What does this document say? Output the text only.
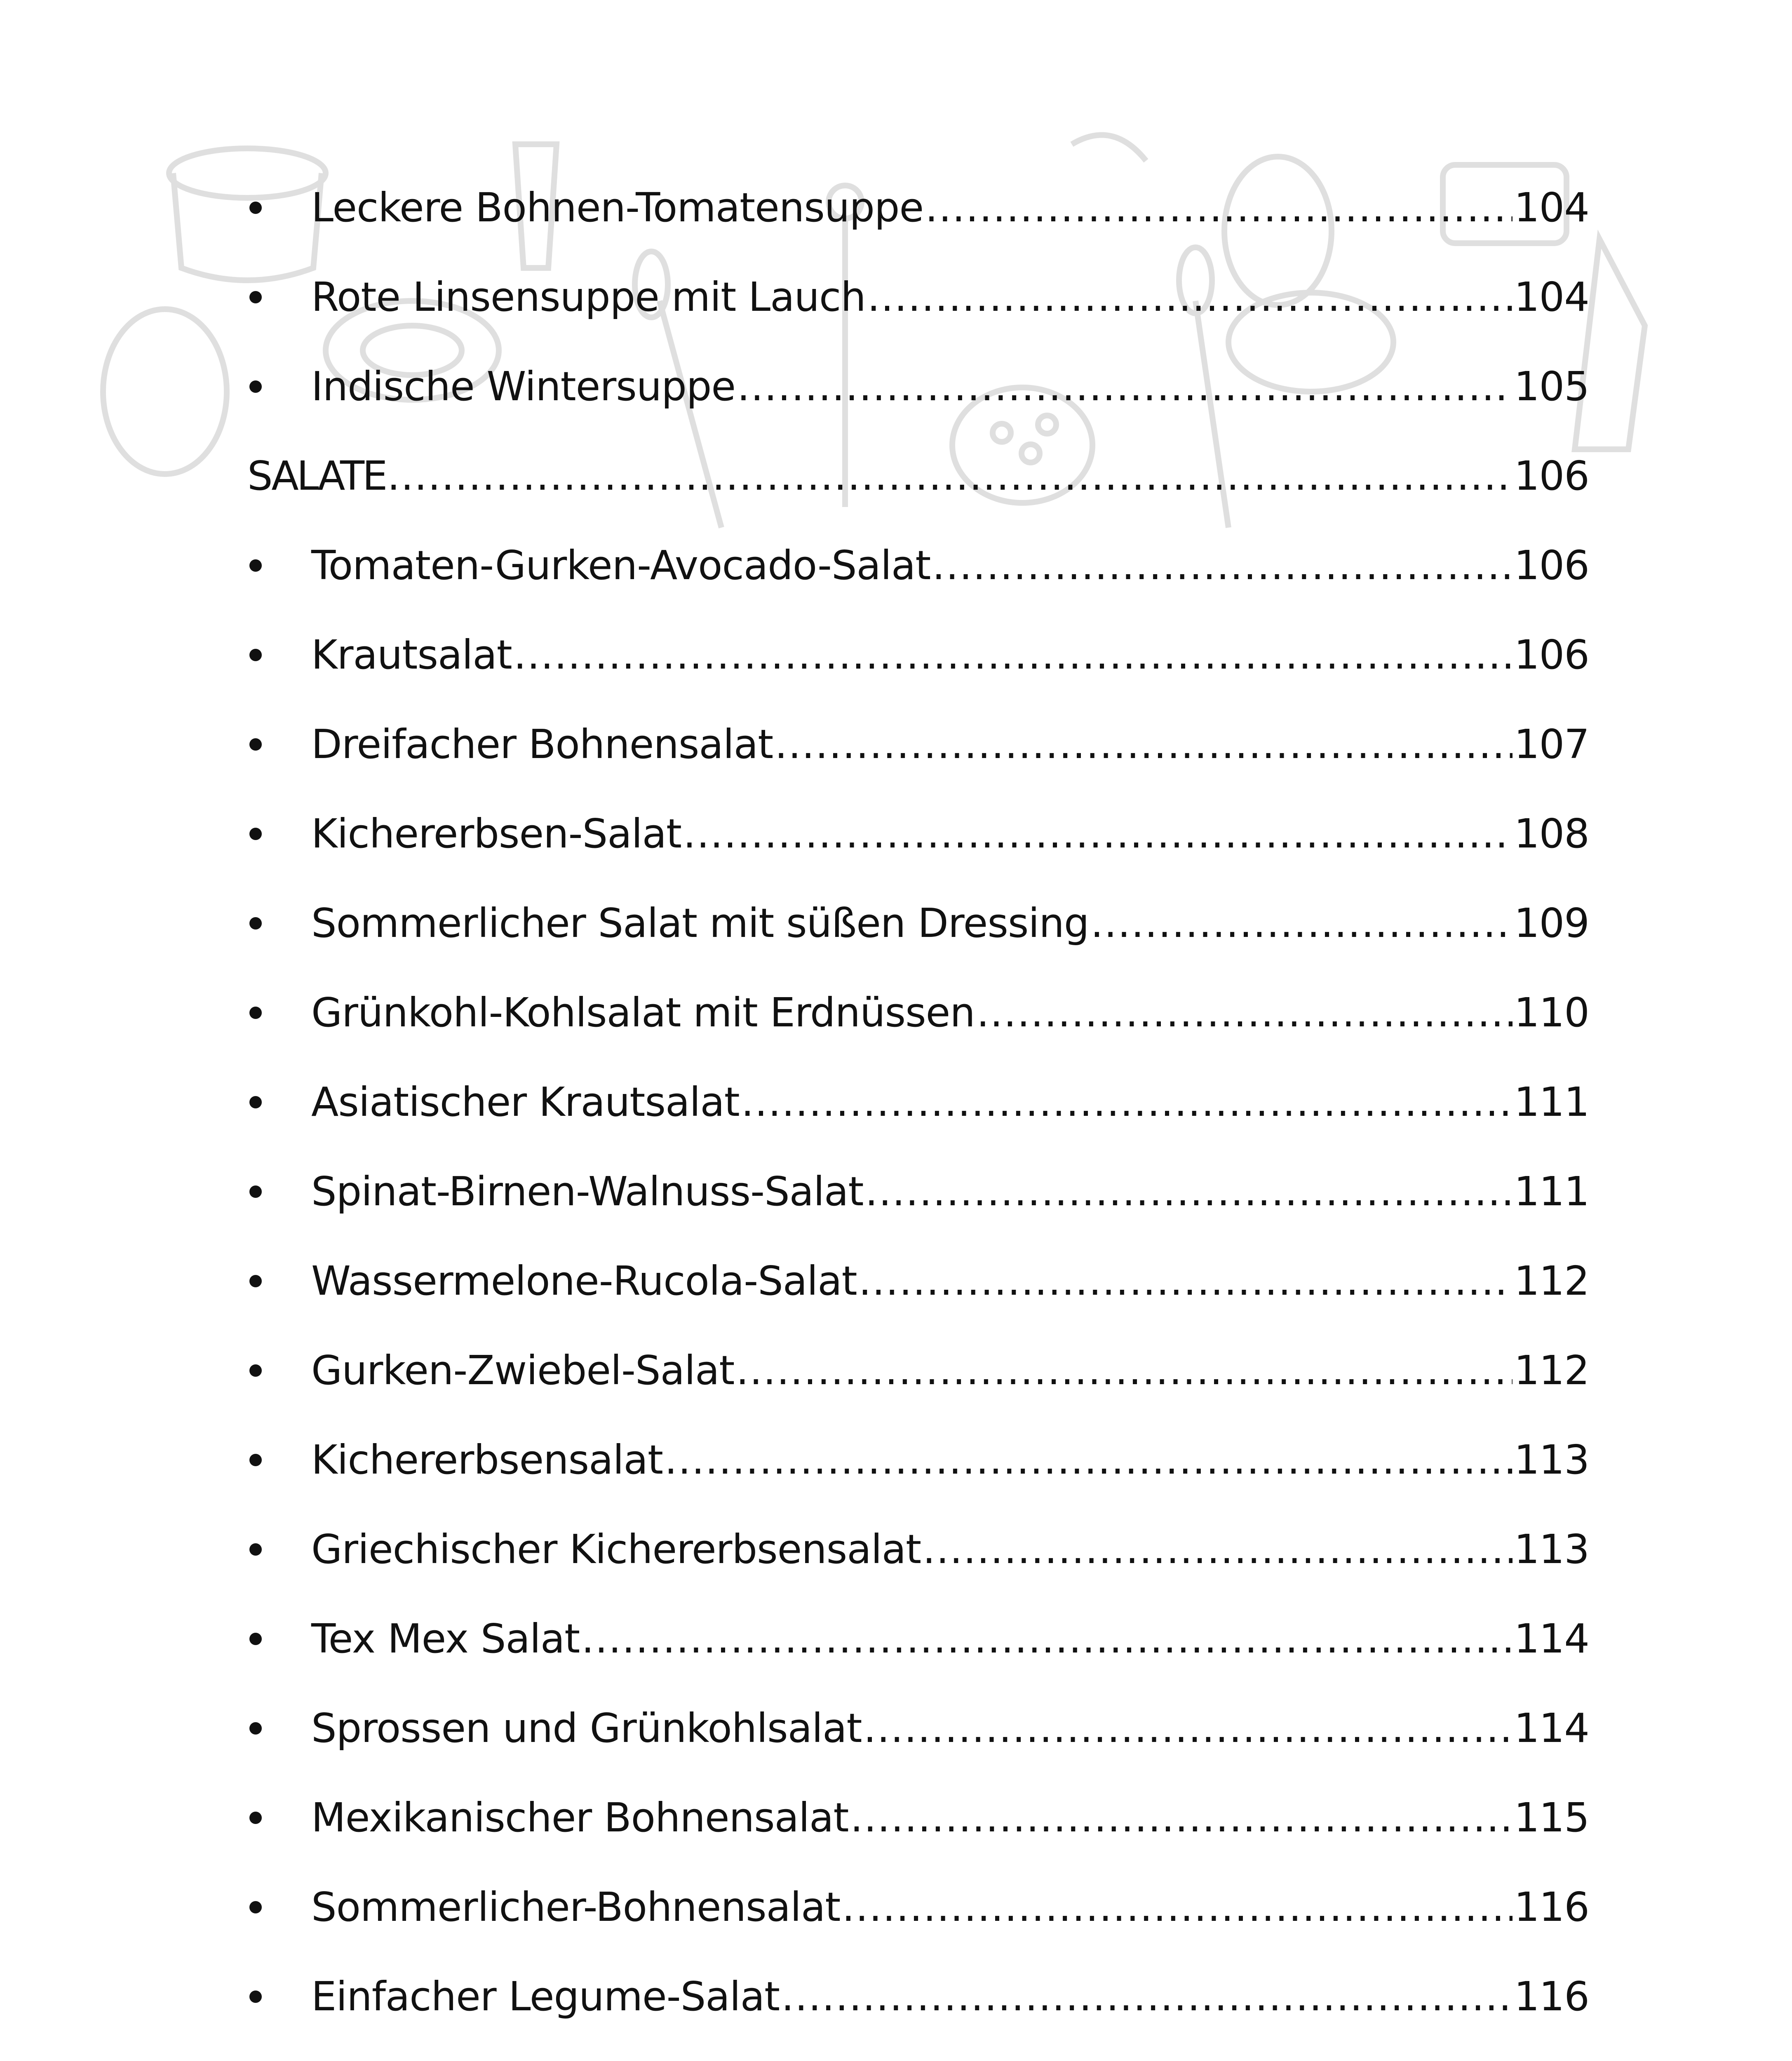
Leckere Bohnen-Tomatensuppe .....	104
Rote Linsensuppe mit Lauch .....	104
Indische Wintersuppe .....	105
SALATE .....	106
Tomaten-Gurken-Avocado-Salat .....	106
Krautsalat .....	106
Dreifacher Bohnensalat .....	107
Kichererbsen-Salat .....	108
Sommerlicher Salat mit süßen Dressing .....	109
Grünkohl-Kohlsalat mit Erdnüssen .....	110
Asiatischer Krautsalat .....	111
Spinat-Birnen-Walnuss-Salat .....	111
Wassermelone-Rucola-Salat .....	112
Gurken-Zwiebel-Salat .....	112
Kichererbsensalat .....	113
Griechischer Kichererbsensalat .....	113
Tex Mex Salat .....	114
Sprossen und Grünkohlsalat .....	114
Mexikanischer Bohnensalat .....	115
Sommerlicher-Bohnensalat .....	116
Einfacher Legume-Salat .....	116
